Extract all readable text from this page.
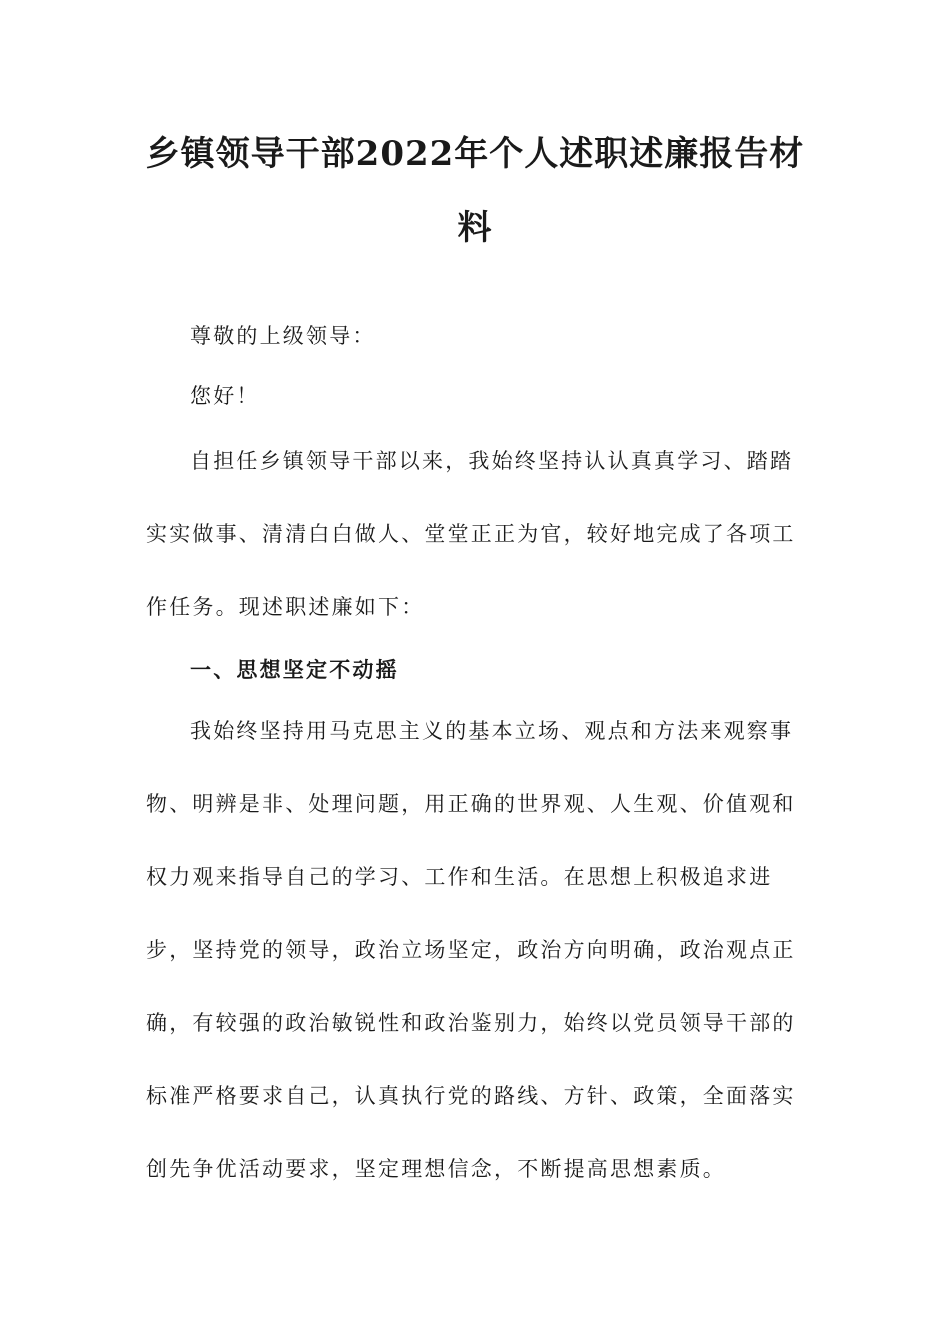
乡镇领导干部2022年个人述职述廉报告材
料

尊敬的上级领导：

您好！

自担任乡镇领导干部以来，我始终坚持认认真真学习、踏踏实实做事、清清白白做人、堂堂正正为官，较好地完成了各项工作任务。现述职述廉如下：

一、思想坚定不动摇

我始终坚持用马克思主义的基本立场、观点和方法来观察事物、明辨是非、处理问题，用正确的世界观、人生观、价值观和权力观来指导自己的学习、工作和生活。在思想上积极追求进步，坚持党的领导，政治立场坚定，政治方向明确，政治观点正确，有较强的政治敏锐性和政治鉴别力，始终以党员领导干部的标准严格要求自己，认真执行党的路线、方针、政策，全面落实创先争优活动要求，坚定理想信念，不断提高思想素质。
